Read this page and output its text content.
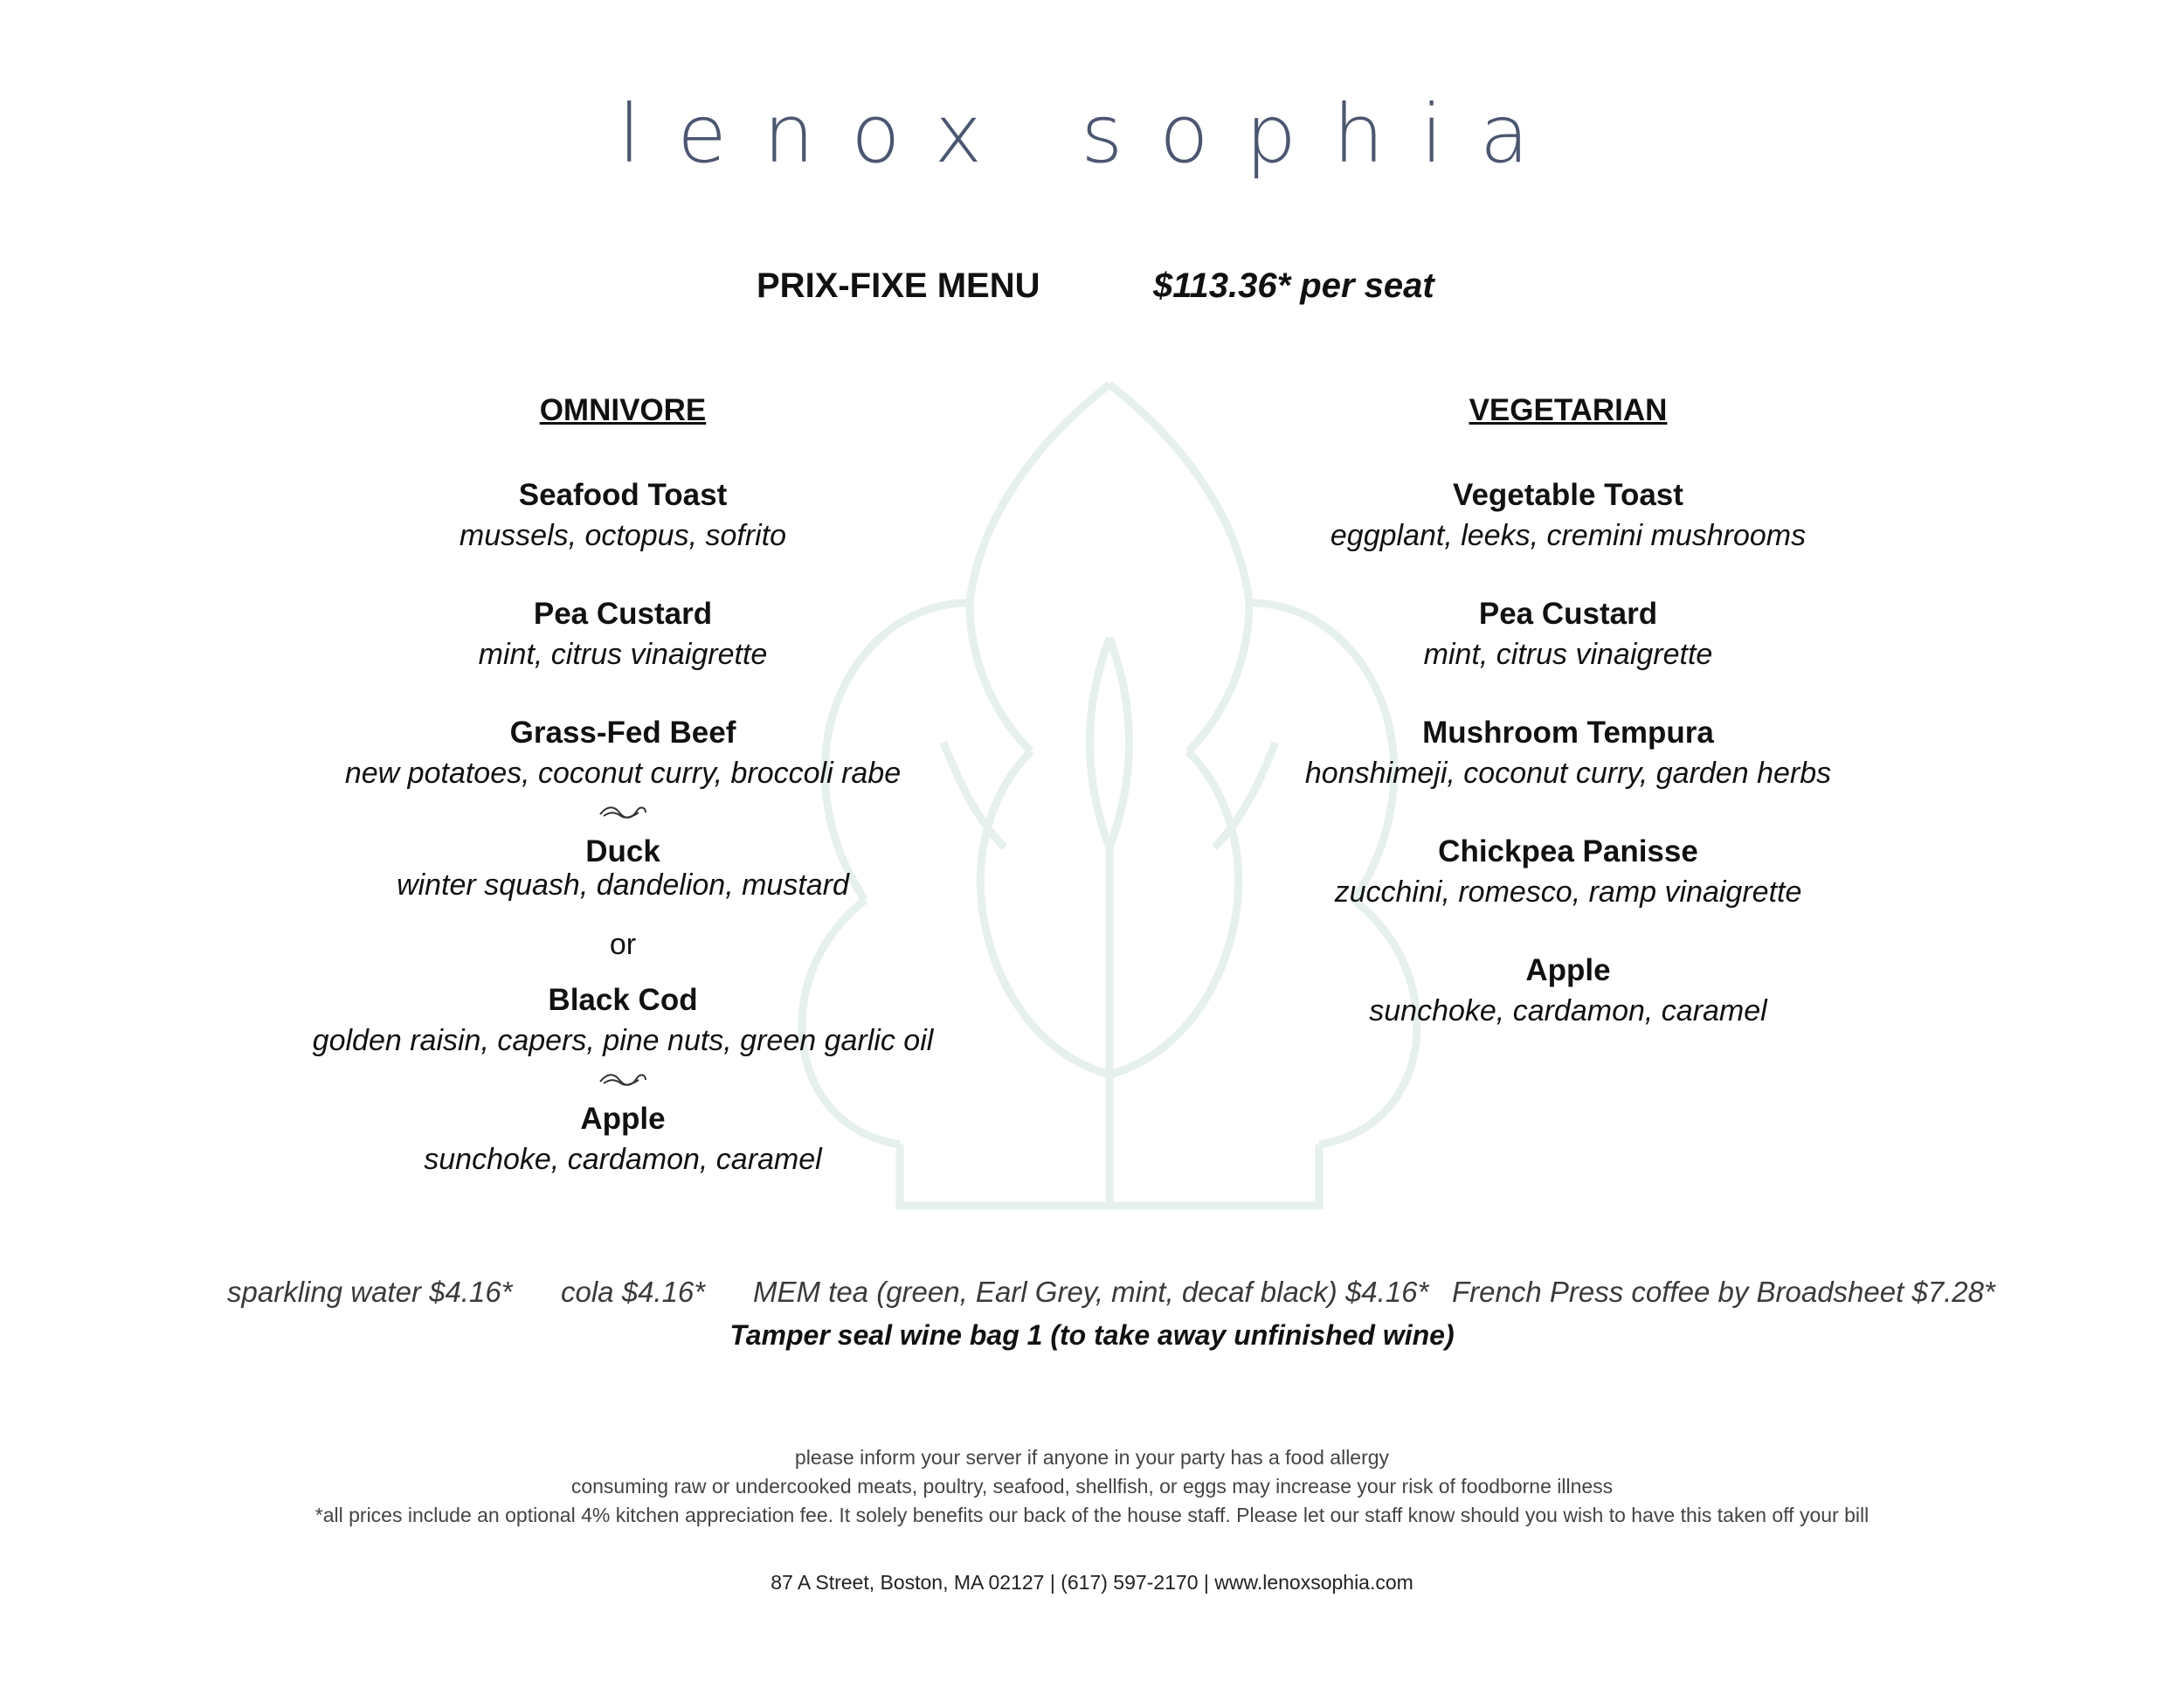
lenox sophia
PRIX-FIXE MENU	$113.36* per seat
OMNIVORE
Seafood Toast
mussels, octopus, sofrito
Pea Custard
mint, citrus vinaigrette
Grass-Fed Beef
new potatoes, coconut curry, broccoli rabe
Duck
winter squash, dandelion, mustard
or
Black Cod
golden raisin, capers, pine nuts, green garlic oil
Apple
sunchoke, cardamon, caramel
VEGETARIAN
Vegetable Toast
eggplant, leeks, cremini mushrooms
Pea Custard
mint, citrus vinaigrette
Mushroom Tempura
honshimeji, coconut curry, garden herbs
Chickpea Panisse
zucchini, romesco, ramp vinaigrette
Apple
sunchoke, cardamon, caramel
sparkling water $4.16* cola $4.16* MEM tea (green, Earl Grey, mint, decaf black) $4.16* French Press coffee by Broadsheet $7.28*
Tamper seal wine bag 1 (to take away unfinished wine)
please inform your server if anyone in your party has a food allergy
consuming raw or undercooked meats, poultry, seafood, shellfish, or eggs may increase your risk of foodborne illness
*all prices include an optional 4% kitchen appreciation fee. It solely benefits our back of the house staff. Please let our staff know should you wish to have this taken off your bill
87 A Street, Boston, MA 02127 | (617) 597-2170 | www.lenoxsophia.com
